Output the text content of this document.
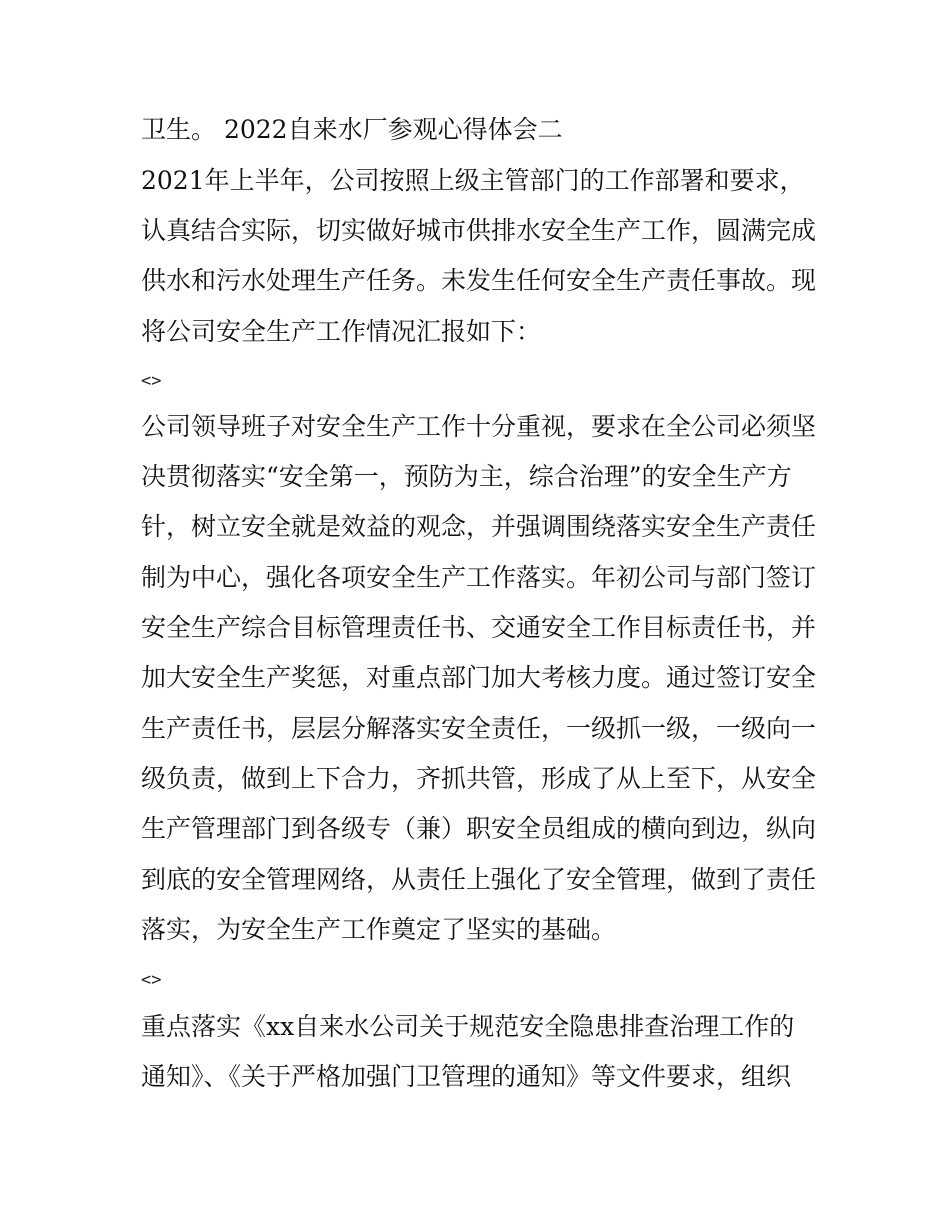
卫生。 2022自来水厂参观心得体会二
2021年上半年，公司按照上级主管部门的工作部署和要求，
认真结合实际，切实做好城市供排水安全生产工作，圆满完成
供水和污水处理生产任务。未发生任何安全生产责任事故。现
将公司安全生产工作情况汇报如下：
<>
公司领导班子对安全生产工作十分重视，要求在全公司必须坚
决贯彻落实“安全第一，预防为主，综合治理”的安全生产方
针，树立安全就是效益的观念，并强调围绕落实安全生产责任
制为中心，强化各项安全生产工作落实。年初公司与部门签订
安全生产综合目标管理责任书、交通安全工作目标责任书，并
加大安全生产奖惩，对重点部门加大考核力度。通过签订安全
生产责任书，层层分解落实安全责任，一级抓一级，一级向一
级负责，做到上下合力，齐抓共管，形成了从上至下，从安全
生产管理部门到各级专（兼）职安全员组成的横向到边，纵向
到底的安全管理网络，从责任上强化了安全管理，做到了责任
落实，为安全生产工作奠定了坚实的基础。
<>
重点落实《xx自来水公司关于规范安全隐患排查治理工作的
通知》、《关于严格加强门卫管理的通知》等文件要求，组织
